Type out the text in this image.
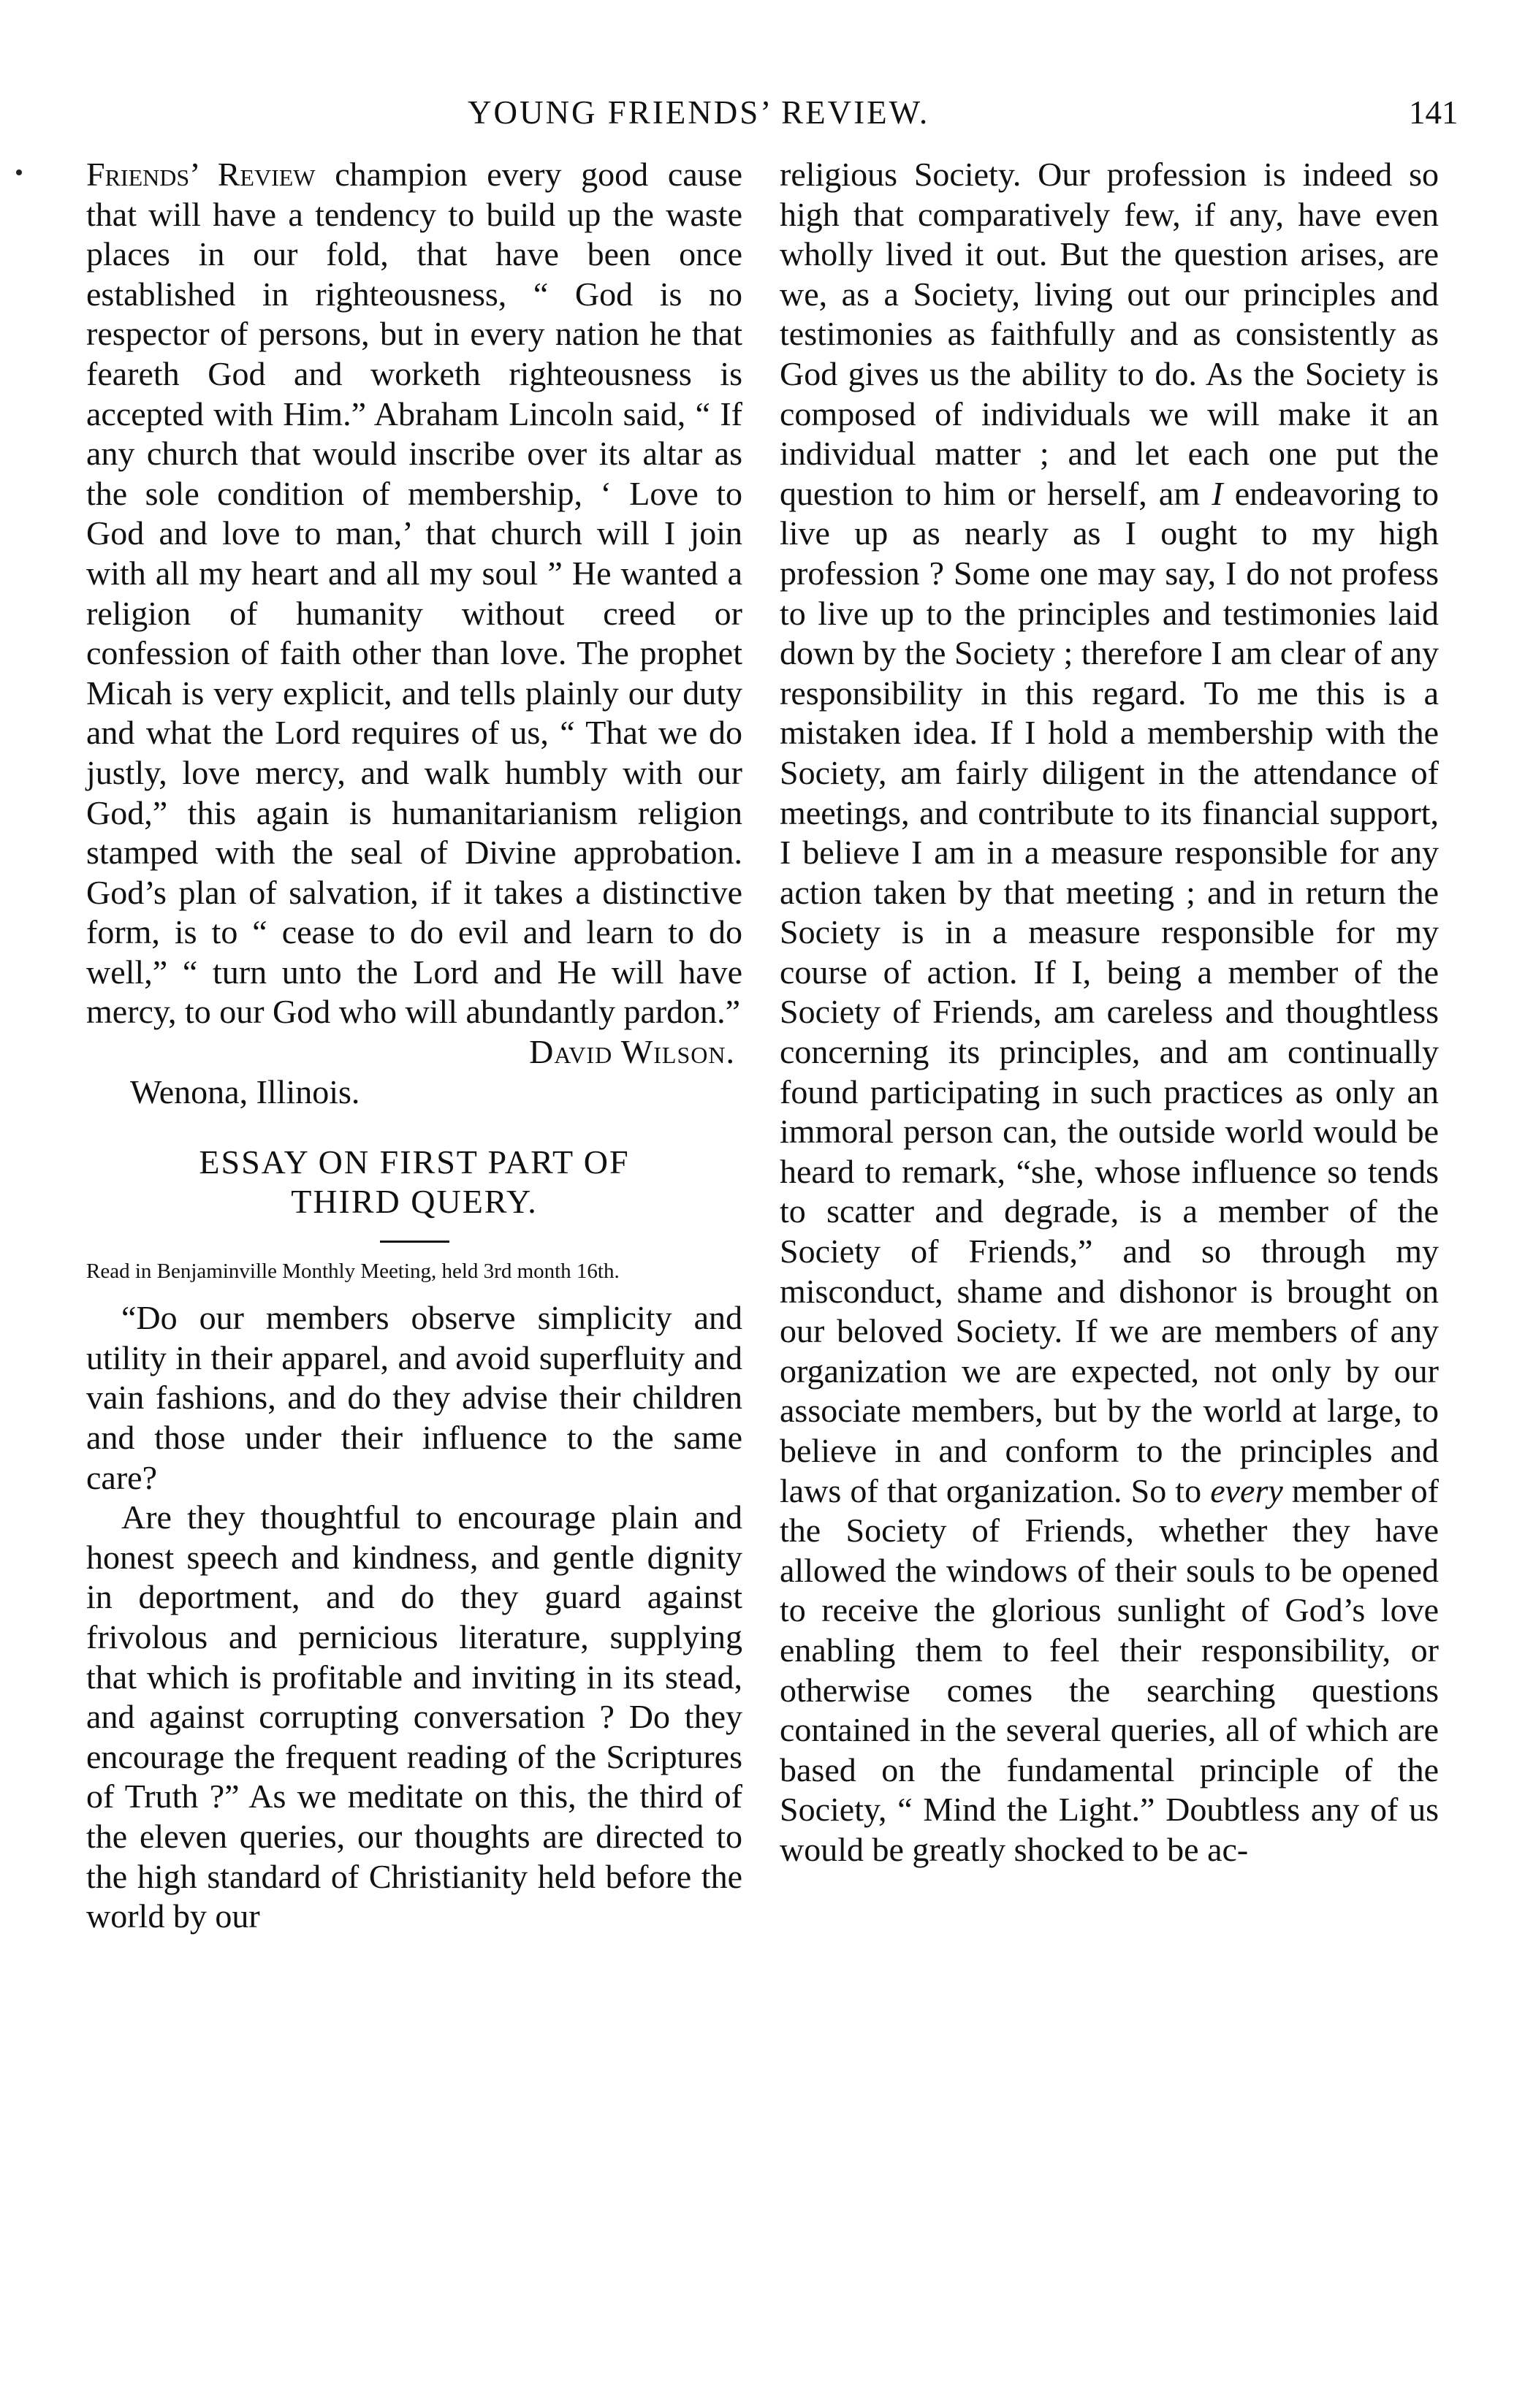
YOUNG FRIENDS’ REVIEW.	141

Friends’ Review champion every good cause that will have a tendency to build up the waste places in our fold, that have been once established in righteousness, “ God is no respector of persons, but in every nation he that feareth God and worketh righteousness is accepted with Him.” Abraham Lincoln said, “ If any church that would inscribe over its altar as the sole condition of membership, ‘ Love to God and love to man,’ that church will I join with all my heart and all my soul ” He wanted a religion of humanity without creed or confession of faith other than love. The prophet Micah is very explicit, and tells plainly our duty and what the Lord requires of us, “ That we do justly, love mercy, and walk humbly with our God,” this again is humanitarianism religion stamped with the seal of Divine approbation. God’s plan of salvation, if it takes a distinctive form, is to “ cease to do evil and learn to do well,” “ turn unto the Lord and He will have mercy, to our God who will abundantly pardon.”

David Wilson.

Wenona, Illinois.

ESSAY ON FIRST PART OF
THIRD QUERY.

Read in Benjaminville Monthly Meeting, held 3rd month 16th.

“Do our members observe simplicity and utility in their apparel, and avoid superfluity and vain fashions, and do they advise their children and those under their influence to the same care?

Are they thoughtful to encourage plain and honest speech and kindness, and gentle dignity in deportment, and do they guard against frivolous and pernicious literature, supplying that which is profitable and inviting in its stead, and against corrupting conversation ? Do they encourage the frequent reading of the Scriptures of Truth ?” As we meditate on this, the third of the eleven queries, our thoughts are directed to the high standard of Christianity held before the world by our

religious Society. Our profession is indeed so high that comparatively few, if any, have even wholly lived it out. But the question arises, are we, as a Society, living out our principles and testimonies as faithfully and as consistently as God gives us the ability to do. As the Society is composed of individuals we will make it an individual matter ; and let each one put the question to him or herself, am I endeavoring to live up as nearly as I ought to my high profession ? Some one may say, I do not profess to live up to the principles and testimonies laid down by the Society ; therefore I am clear of any responsibility in this regard. To me this is a mistaken idea. If I hold a membership with the Society, am fairly diligent in the attendance of meetings, and contribute to its financial support, I believe I am in a measure responsible for any action taken by that meeting ; and in return the Society is in a measure responsible for my course of action. If I, being a member of the Society of Friends, am careless and thoughtless concerning its principles, and am continually found participating in such practices as only an immoral person can, the outside world would be heard to remark, “she, whose influence so tends to scatter and degrade, is a member of the Society of Friends,” and so through my misconduct, shame and dishonor is brought on our beloved Society. If we are members of any organization we are expected, not only by our associate members, but by the world at large, to believe in and conform to the principles and laws of that organization. So to every member of the Society of Friends, whether they have allowed the windows of their souls to be opened to receive the glorious sunlight of God’s love enabling them to feel their responsibility, or otherwise comes the searching questions contained in the several queries, all of which are based on the fundamental principle of the Society, “ Mind the Light.” Doubtless any of us would be greatly shocked to be ac-
